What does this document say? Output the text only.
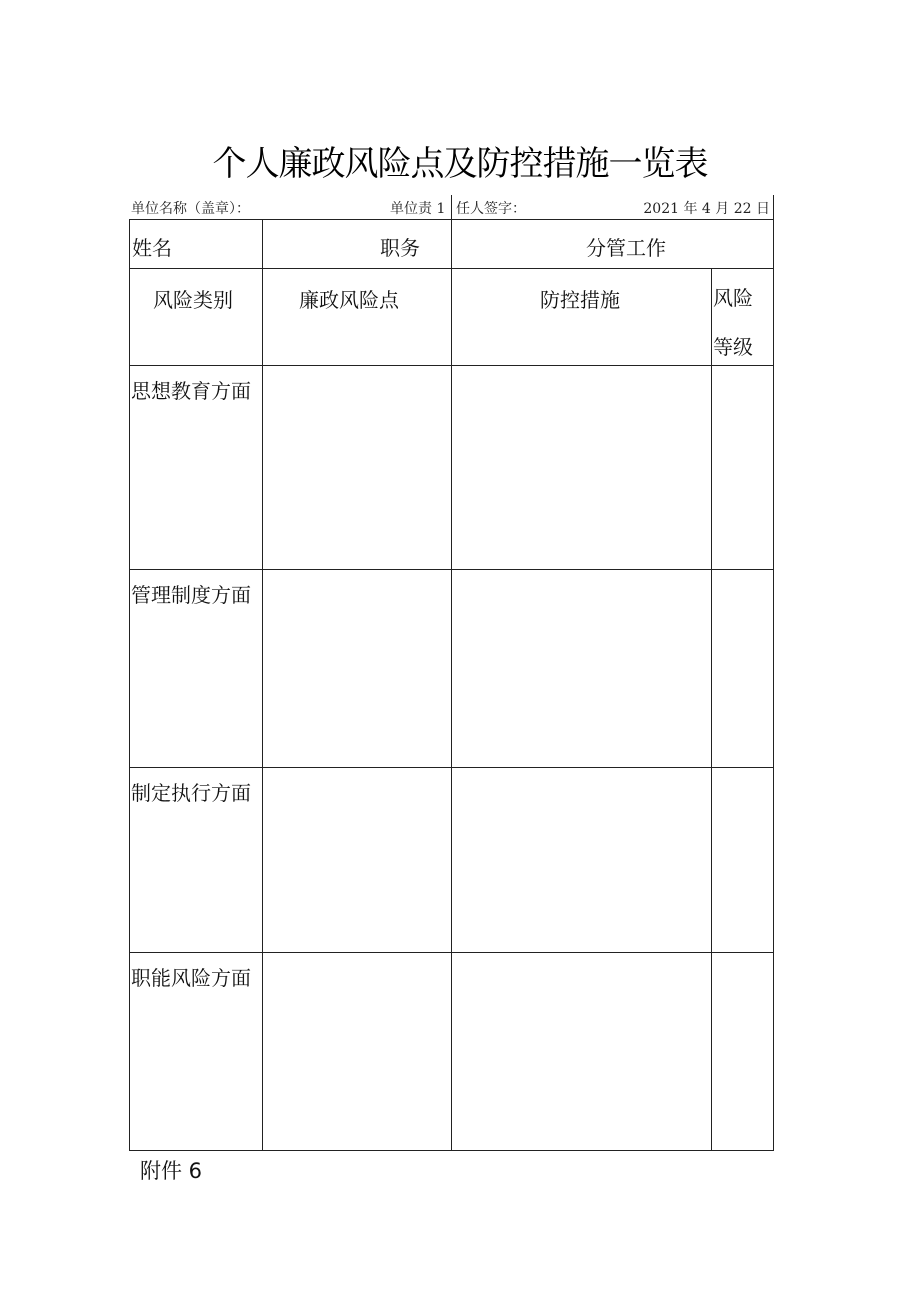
个人廉政风险点及防控措施一览表
单位名称（盖章）：	单位责 1 任人签字：	2021 年 4 月 22 日
姓名	职务	分管工作
风险类别	廉政风险点	防控措施	风险
等级
思想教育方面
管理制度方面
制定执行方面
职能风险方面
附件 6
